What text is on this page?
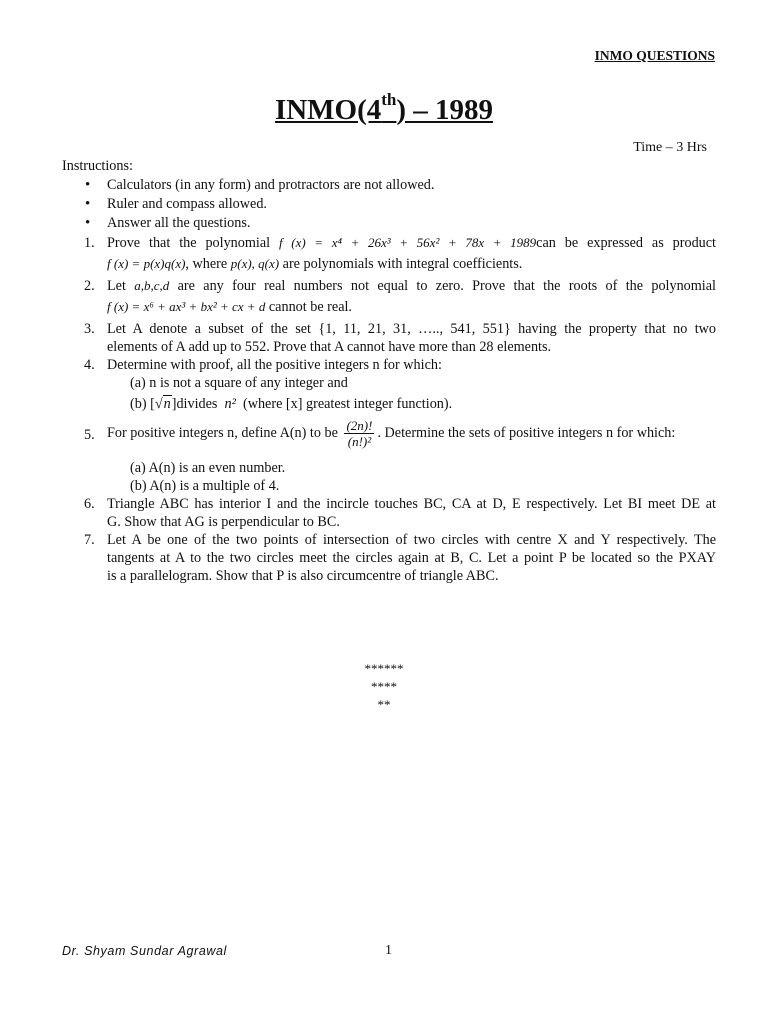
INMO QUESTIONS
INMO(4th) – 1989
Time – 3 Hrs
Instructions:
• Calculators (in any form) and protractors are not allowed.
• Ruler and compass allowed.
• Answer all the questions.
1. Prove that the polynomial f (x) = x⁴ + 26x³ + 56x² + 78x + 1989can be expressed as product
f (x) = p(x)q(x), where p(x), q(x) are polynomials with integral coefficients.
2. Let a,b,c,d are any four real numbers not equal to zero. Prove that the roots of the polynomial
f (x) = x⁶ + ax³ + bx² + cx + d cannot be real.
3. Let A denote a subset of the set {1, 11, 21, 31, ….., 541, 551} having the property that no two
elements of A add up to 552. Prove that A cannot have more than 28 elements.
4. Determine with proof, all the positive integers n for which:
(a) n is not a square of any integer and
(b) [√n]divides n² (where [x] greatest integer function).
5. For positive integers n, define A(n) to be $\frac{(2n)!}{\text{(n!)²}}$ . Determine the sets of positive integers n for which:
(a) A(n) is an even number.
(b) A(n) is a multiple of 4.
6. Triangle ABC has interior I and the incircle touches BC, CA at D, E respectively. Let BI meet DE at
G. Show that AG is perpendicular to BC.
7. Let A be one of the two points of intersection of two circles with centre X and Y respectively. The
tangents at A to the two circles meet the circles again at B, C. Let a point P be located so the PXAY
is a parallelogram. Show that P is also circumcentre of triangle ABC.
******
****
**
Dr. Shyam Sundar Agrawal	1
